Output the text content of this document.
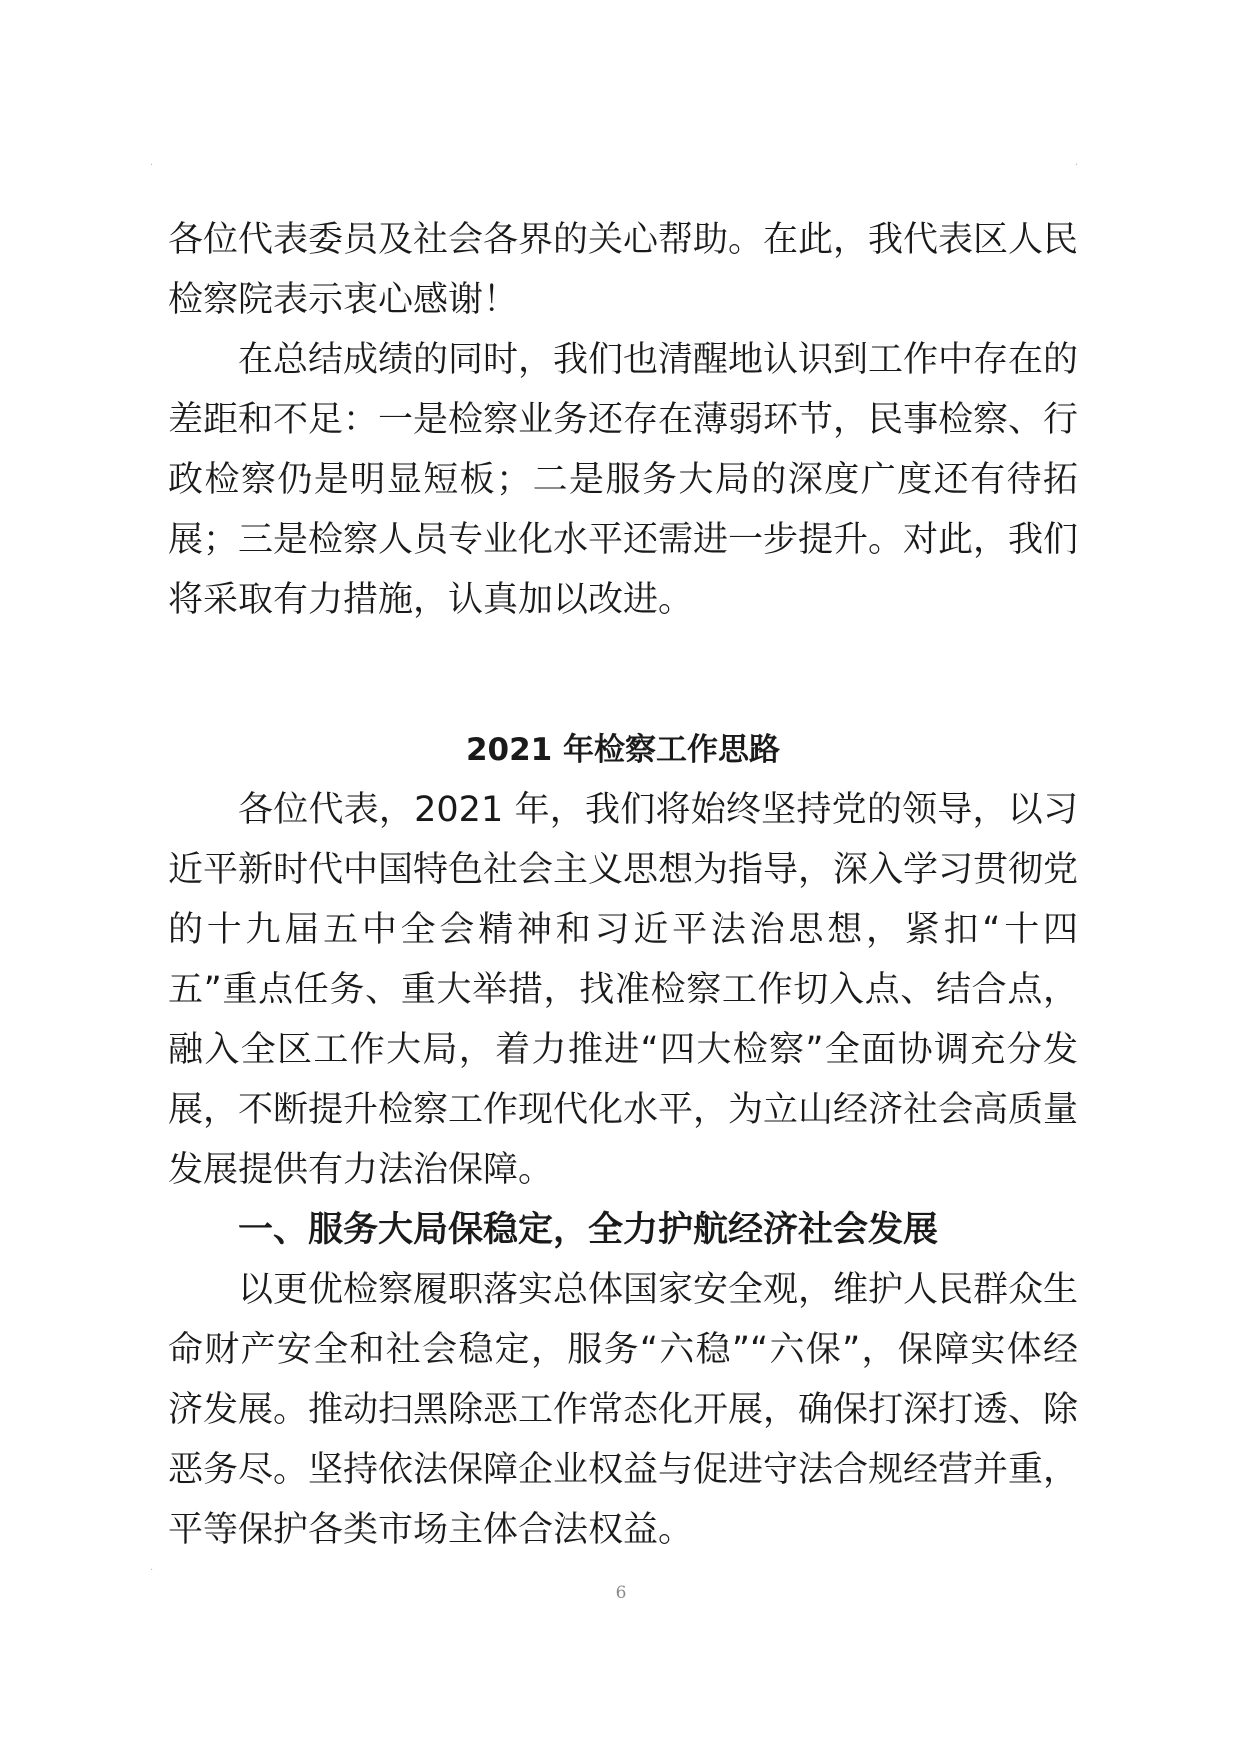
·	·
·

各位代表委员及社会各界的关心帮助。在此，我代表区人民检察院表示衷心感谢！

在总结成绩的同时，我们也清醒地认识到工作中存在的差距和不足：一是检察业务还存在薄弱环节，民事检察、行政检察仍是明显短板；二是服务大局的深度广度还有待拓展；三是检察人员专业化水平还需进一步提升。对此，我们将采取有力措施，认真加以改进。

2021 年检察工作思路

各位代表，2021 年，我们将始终坚持党的领导，以习近平新时代中国特色社会主义思想为指导，深入学习贯彻党的十九届五中全会精神和习近平法治思想，紧扣“十四五”重点任务、重大举措，找准检察工作切入点、结合点，融入全区工作大局，着力推进“四大检察”全面协调充分发展，不断提升检察工作现代化水平，为立山经济社会高质量发展提供有力法治保障。

一、服务大局保稳定，全力护航经济社会发展

以更优检察履职落实总体国家安全观，维护人民群众生命财产安全和社会稳定，服务“六稳”“六保”，保障实体经济发展。推动扫黑除恶工作常态化开展，确保打深打透、除恶务尽。坚持依法保障企业权益与促进守法合规经营并重，平等保护各类市场主体合法权益。

6
